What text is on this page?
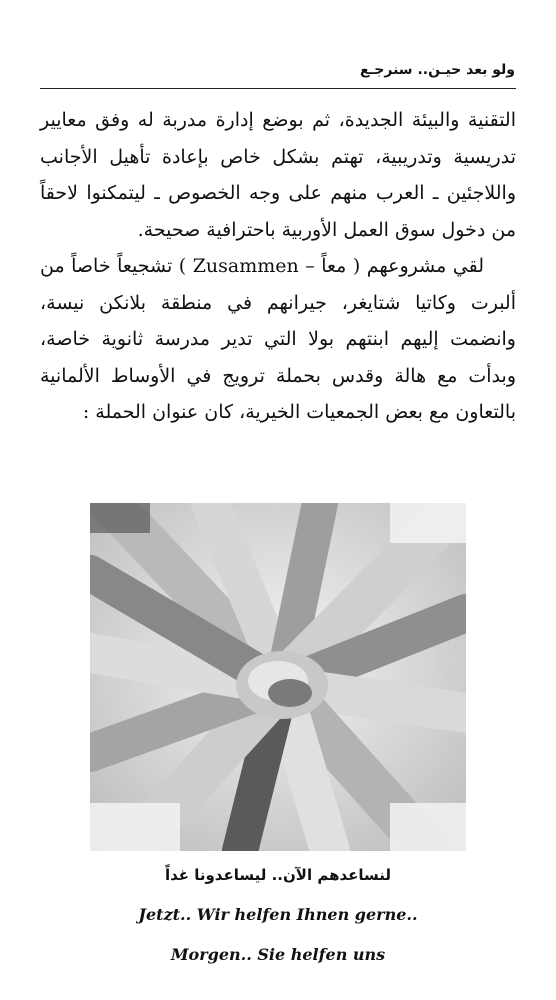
ولو بعد حيـن.. سنرجـع

التقنية والبيئة الجديدة، ثم بوضع إدارة مدربة له وفق معايير تدريسية وتدريبية، تهتم بشكل خاص بإعادة تأهيل الأجانب واللاجئين ـ العرب منهم على وجه الخصوص ـ ليتمكنوا لاحقاً من دخول سوق العمل الأوربية باحترافية صحيحة.

لقي مشروعهم ( معاً – Zusammen ) تشجيعاً خاصاً من ألبرت وكاتيا شتايغر، جيرانهم في منطقة بلانكن نيسة، وانضمت إليهم ابنتهم بولا التي تدير مدرسة ثانوية خاصة، وبدأت مع هالة وقدس بحملة ترويج في الأوساط الألمانية بالتعاون مع بعض الجمعيات الخيرية، كان عنوان الحملة :

لنساعدهم الآن.. ليساعدونا غداً
Jetzt.. Wir helfen Ihnen gerne..
Morgen.. Sie helfen uns
